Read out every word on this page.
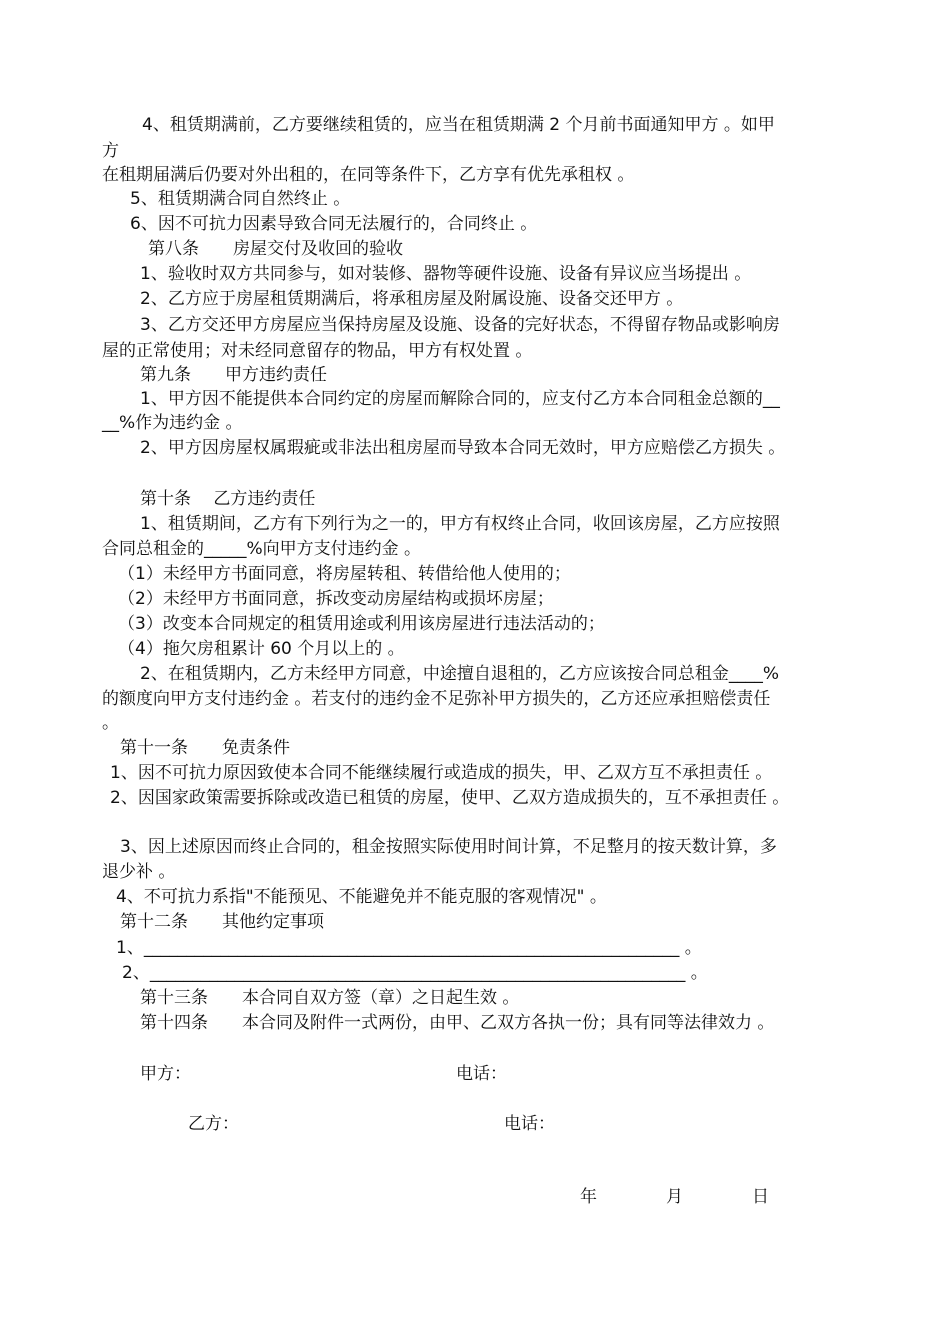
4、租赁期满前，乙方要继续租赁的，应当在租赁期满 2 个月前书面通知甲方 。如甲

方

在租期届满后仍要对外出租的，在同等条件下，乙方享有优先承租权 。

5、租赁期满合同自然终止 。

6、因不可抗力因素导致合同无法履行的，合同终止 。

第八条　　房屋交付及收回的验收

1、验收时双方共同参与，如对装修、器物等硬件设施、设备有异议应当场提出 。

2、乙方应于房屋租赁期满后，将承租房屋及附属设施、设备交还甲方 。

3、乙方交还甲方房屋应当保持房屋及设施、设备的完好状态，不得留存物品或影响房

屋的正常使用；对未经同意留存的物品，甲方有权处置 。

第九条　　甲方违约责任

1、甲方因不能提供本合同约定的房屋而解除合同的，应支付乙方本合同租金总额的__

__%作为违约金 。

2、甲方因房屋权属瑕疵或非法出租房屋而导致本合同无效时，甲方应赔偿乙方损失 。

第十条　 乙方违约责任

1、租赁期间，乙方有下列行为之一的，甲方有权终止合同，收回该房屋，乙方应按照

合同总租金的_____%向甲方支付违约金 。

（1）未经甲方书面同意，将房屋转租、转借给他人使用的；

（2）未经甲方书面同意，拆改变动房屋结构或损坏房屋；

（3）改变本合同规定的租赁用途或利用该房屋进行违法活动的；

（4）拖欠房租累计 60 个月以上的 。

2、在租赁期内，乙方未经甲方同意，中途擅自退租的，乙方应该按合同总租金____%

的额度向甲方支付违约金 。若支付的违约金不足弥补甲方损失的，乙方还应承担赔偿责任

。

第十一条　　免责条件

1、因不可抗力原因致使本合同不能继续履行或造成的损失，甲、乙双方互不承担责任 。

2、因国家政策需要拆除或改造已租赁的房屋，使甲、乙双方造成损失的，互不承担责任 。

3、因上述原因而终止合同的，租金按照实际使用时间计算，不足整月的按天数计算，多

退少补 。

4、不可抗力系指"不能预见、不能避免并不能克服的客观情况" 。

第十二条　　其他约定事项

1、_______________________________________________________________ 。

2、_______________________________________________________________ 。

第十三条　　本合同自双方签（章）之日起生效 。

第十四条　　本合同及附件一式两份，由甲、乙双方各执一份；具有同等法律效力 。

甲方：	电话：

乙方：	电话：

年	月	日
